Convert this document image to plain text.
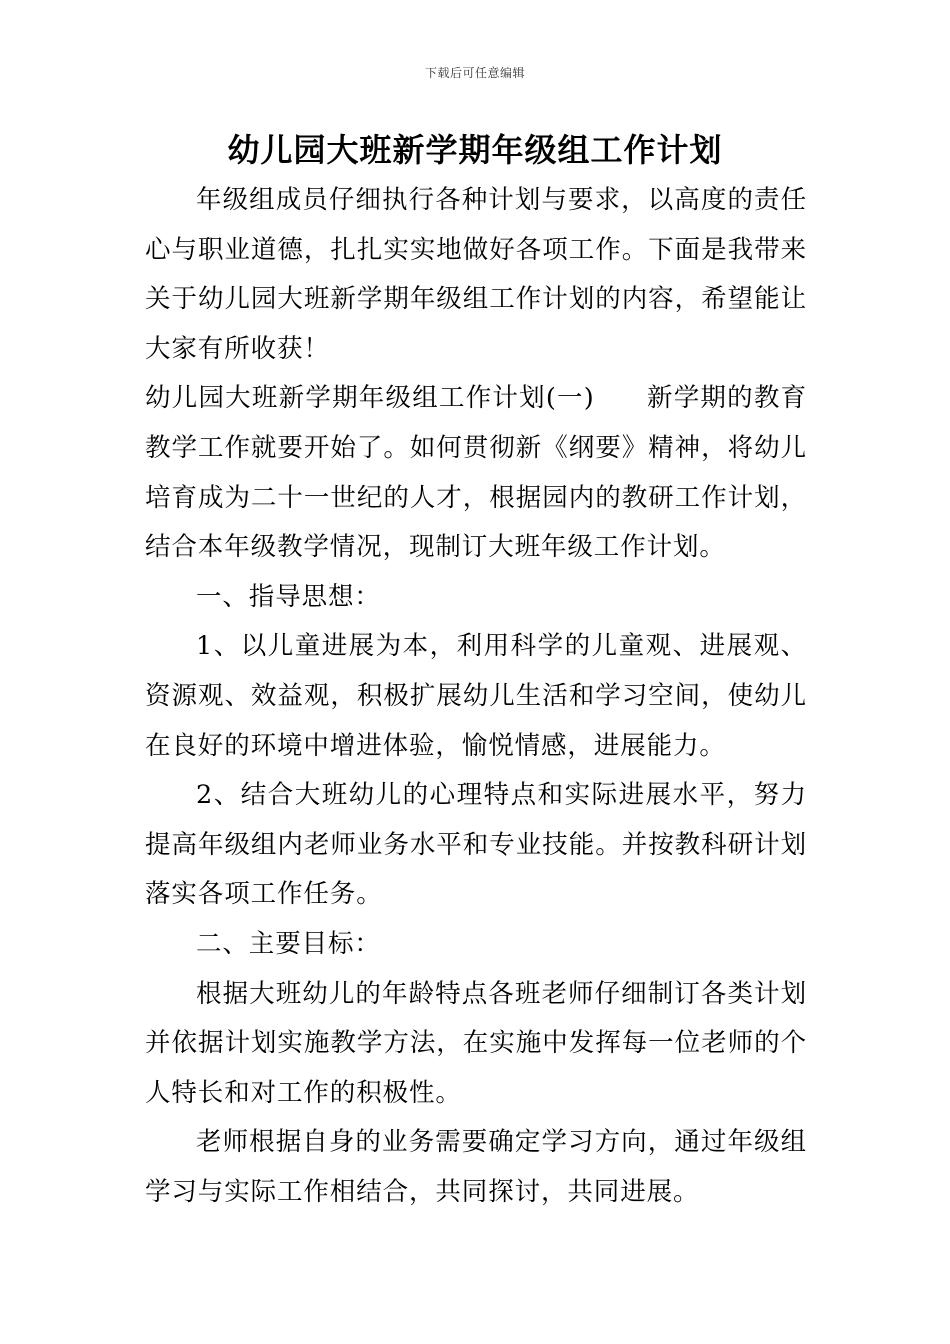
下载后可任意编辑
幼儿园大班新学期年级组工作计划

年级组成员仔细执行各种计划与要求，以高度的责任心与职业道德，扎扎实实地做好各项工作。下面是我带来关于幼儿园大班新学期年级组工作计划的内容，希望能让大家有所收获！

幼儿园大班新学期年级组工作计划(一) 新学期的教育教学工作就要开始了。如何贯彻新《纲要》精神，将幼儿培育成为二十一世纪的人才，根据园内的教研工作计划，结合本年级教学情况，现制订大班年级工作计划。

一、指导思想：

1、以儿童进展为本，利用科学的儿童观、进展观、资源观、效益观，积极扩展幼儿生活和学习空间，使幼儿在良好的环境中增进体验，愉悦情感，进展能力。

2、结合大班幼儿的心理特点和实际进展水平，努力提高年级组内老师业务水平和专业技能。并按教科研计划落实各项工作任务。

二、主要目标：

根据大班幼儿的年龄特点各班老师仔细制订各类计划并依据计划实施教学方法，在实施中发挥每一位老师的个人特长和对工作的积极性。

老师根据自身的业务需要确定学习方向，通过年级组学习与实际工作相结合，共同探讨，共同进展。
